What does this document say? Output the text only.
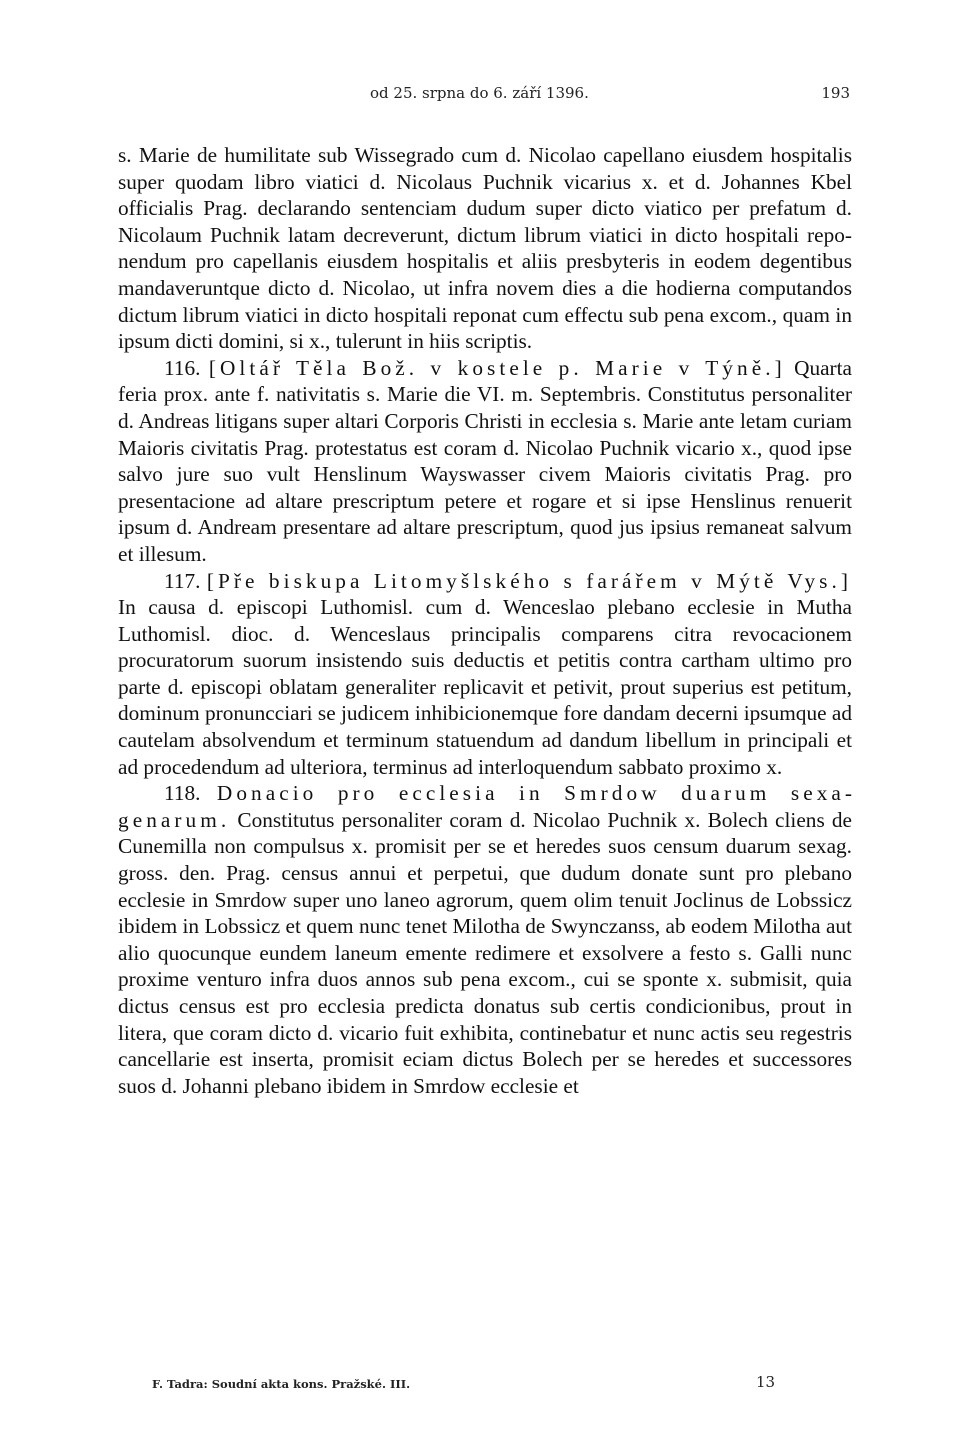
od 25. srpna do 6. září 1396.	193

s. Marie de humilitate sub Wissegrado cum d. Nicolao capellano eiusdem hospitalis super quodam libro viatici d. Nicolaus Puchnik vicarius x. et d. Johannes Kbel officialis Prag. declarando sentenciam dudum super dicto viatico per prefatum d. Nicolaum Puchnik latam decreverunt, dictum librum viatici in dicto hospitali reponendum pro capellanis eiusdem hospitalis et aliis presbyteris in eodem degentibus mandaveruntque dicto d. Nicolao, ut infra novem dies a die hodierna computandos dictum librum viatici in dicto hospitali reponat cum effectu sub pena excom., quam in ipsum dicti domini, si x., tulerunt in hiis scriptis.

116. [Oltář Těla Bož. v kostele p. Marie v Týně.] Quarta feria prox. ante f. nativitatis s. Marie die VI. m. Septembris. Constitutus personaliter d. Andreas litigans super altari Corporis Christi in ecclesia s. Marie ante letam curiam Maioris civitatis Prag. protestatus est coram d. Nicolao Puchnik vicario x., quod ipse salvo jure suo vult Henslinum Wayswasser civem Maioris civitatis Prag. pro presentacione ad altare prescriptum petere et rogare et si ipse Henslinus renuerit ipsum d. Andream presentare ad altare prescriptum, quod jus ipsius remaneat salvum et illesum.

117. [Pře biskupa Litomyšlského s farářem v Mýtě Vys.] In causa d. episcopi Luthomisl. cum d. Wenceslao plebano ecclesie in Mutha Luthomisl. dioc. d. Wenceslaus principalis comparens citra revocacionem procuratorum suorum insistendo suis deductis et petitis contra cartham ultimo pro parte d. episcopi oblatam generaliter replicavit et petivit, prout superius est petitum, dominum pronuncciari se judicem inhibicionemque fore dandam decerni ipsumque ad cautelam absolvendum et terminum statuendum ad dandum libellum in principali et ad procedendum ad ulteriora, terminus ad interloquendum sabbato proximo x.

118. Donacio pro ecclesia in Smrdow duarum sexagenarum. Constitutus personaliter coram d. Nicolao Puchnik x. Bolech cliens de Cunemilla non compulsus x. promisit per se et heredes suos censum duarum sexag. gross. den. Prag. census annui et perpetui, que dudum donate sunt pro plebano ecclesie in Smrdow super uno laneo agrorum, quem olim tenuit Joclinus de Lobssicz ibidem in Lobssicz et quem nunc tenet Milotha de Swynczanss, ab eodem Milotha aut alio quocunque eundem laneum emente redimere et exsolvere a festo s. Galli nunc proxime venturo infra duos annos sub pena excom., cui se sponte x. submisit, quia dictus census est pro ecclesia predicta donatus sub certis condicionibus, prout in litera, que coram dicto d. vicario fuit exhibita, continebatur et nunc actis seu regestris cancellarie est inserta, promisit eciam dictus Bolech per se heredes et successores suos d. Johanni plebano ibidem in Smrdow ecclesie et

F. Tadra: Soudní akta kons. Pražské. III.	13
